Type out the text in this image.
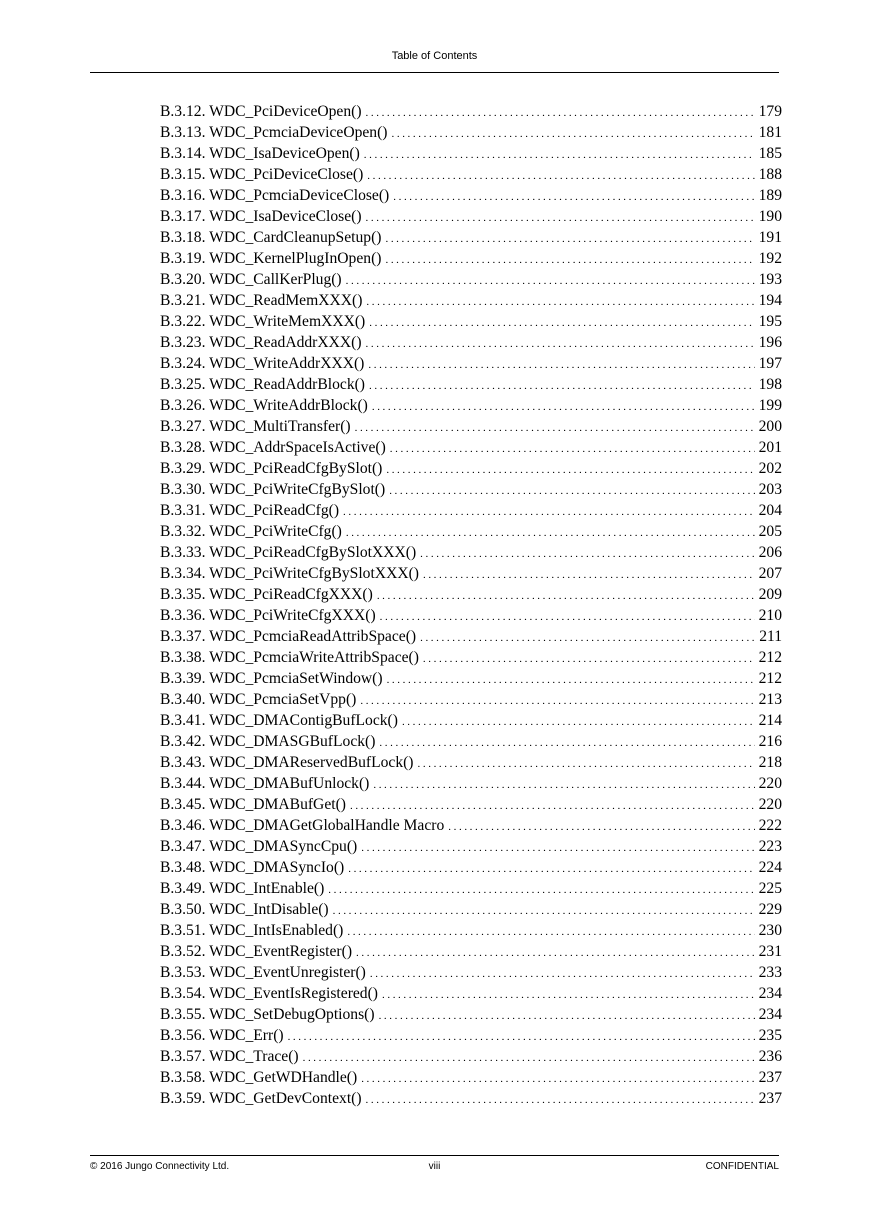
Table of Contents
B.3.12. WDC_PciDeviceOpen() .....	179
B.3.13. WDC_PcmciaDeviceOpen() .....	181
B.3.14. WDC_IsaDeviceOpen() .....	185
B.3.15. WDC_PciDeviceClose() .....	188
B.3.16. WDC_PcmciaDeviceClose() .....	189
B.3.17. WDC_IsaDeviceClose() .....	190
B.3.18. WDC_CardCleanupSetup() .....	191
B.3.19. WDC_KernelPlugInOpen() .....	192
B.3.20. WDC_CallKerPlug() .....	193
B.3.21. WDC_ReadMemXXX() .....	194
B.3.22. WDC_WriteMemXXX() .....	195
B.3.23. WDC_ReadAddrXXX() .....	196
B.3.24. WDC_WriteAddrXXX() .....	197
B.3.25. WDC_ReadAddrBlock() .....	198
B.3.26. WDC_WriteAddrBlock() .....	199
B.3.27. WDC_MultiTransfer() .....	200
B.3.28. WDC_AddrSpaceIsActive() .....	201
B.3.29. WDC_PciReadCfgBySlot() .....	202
B.3.30. WDC_PciWriteCfgBySlot() .....	203
B.3.31. WDC_PciReadCfg() .....	204
B.3.32. WDC_PciWriteCfg() .....	205
B.3.33. WDC_PciReadCfgBySlotXXX() .....	206
B.3.34. WDC_PciWriteCfgBySlotXXX() .....	207
B.3.35. WDC_PciReadCfgXXX() .....	209
B.3.36. WDC_PciWriteCfgXXX() .....	210
B.3.37. WDC_PcmciaReadAttribSpace() .....	211
B.3.38. WDC_PcmciaWriteAttribSpace() .....	212
B.3.39. WDC_PcmciaSetWindow() .....	212
B.3.40. WDC_PcmciaSetVpp() .....	213
B.3.41. WDC_DMAContigBufLock() .....	214
B.3.42. WDC_DMASGBufLock() .....	216
B.3.43. WDC_DMAReservedBufLock() .....	218
B.3.44. WDC_DMABufUnlock() .....	220
B.3.45. WDC_DMABufGet() .....	220
B.3.46. WDC_DMAGetGlobalHandle Macro .....	222
B.3.47. WDC_DMASyncCpu() .....	223
B.3.48. WDC_DMASyncIo() .....	224
B.3.49. WDC_IntEnable() .....	225
B.3.50. WDC_IntDisable() .....	229
B.3.51. WDC_IntIsEnabled() .....	230
B.3.52. WDC_EventRegister() .....	231
B.3.53. WDC_EventUnregister() .....	233
B.3.54. WDC_EventIsRegistered() .....	234
B.3.55. WDC_SetDebugOptions() .....	234
B.3.56. WDC_Err() .....	235
B.3.57. WDC_Trace() .....	236
B.3.58. WDC_GetWDHandle() .....	237
B.3.59. WDC_GetDevContext() .....	237
© 2016 Jungo Connectivity Ltd.	viii	CONFIDENTIAL
